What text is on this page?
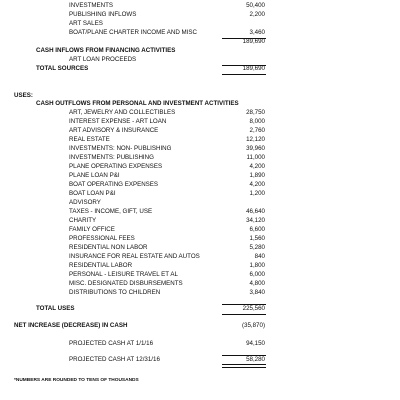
INVESTMENTS	50,400
PUBLISHING INFLOWS	2,200
ART SALES
BOAT/PLANE CHARTER INCOME AND MISC	3,460
189,690
CASH INFLOWS FROM FINANCING ACTIVITIES
ART LOAN PROCEEDS
TOTAL SOURCES	189,690
USES:
CASH OUTFLOWS FROM PERSONAL AND INVESTMENT ACTIVITIES
ART, JEWELRY AND COLLECTIBLES	28,750
INTEREST EXPENSE - ART LOAN	8,000
ART ADVISORY & INSURANCE	2,760
REAL ESTATE	12,120
INVESTMENTS: NON- PUBLISHING	39,960
INVESTMENTS: PUBLISHING	11,000
PLANE OPERATING EXPENSES	4,200
PLANE LOAN P&I	1,890
BOAT OPERATING EXPENSES	4,200
BOAT LOAN P&I	1,200
ADVISORY
TAXES - INCOME, GIFT, USE	46,640
CHARITY	34,120
FAMILY OFFICE	6,600
PROFESSIONAL FEES	1,560
RESIDENTIAL NON LABOR	5,280
INSURANCE FOR REAL ESTATE AND AUTOS	840
RESIDENTIAL LABOR	1,800
PERSONAL - LEISURE TRAVEL ET AL	6,000
MISC. DESIGNATED DISBURSEMENTS	4,800
DISTRIBUTIONS TO CHILDREN	3,840
TOTAL USES	225,560
NET INCREASE (DECREASE) IN CASH	(35,870)
PROJECTED CASH AT 1/1/16	94,150
PROJECTED CASH AT 12/31/16	58,280
*NUMBERS ARE ROUNDED TO TENS OF THOUSANDS
